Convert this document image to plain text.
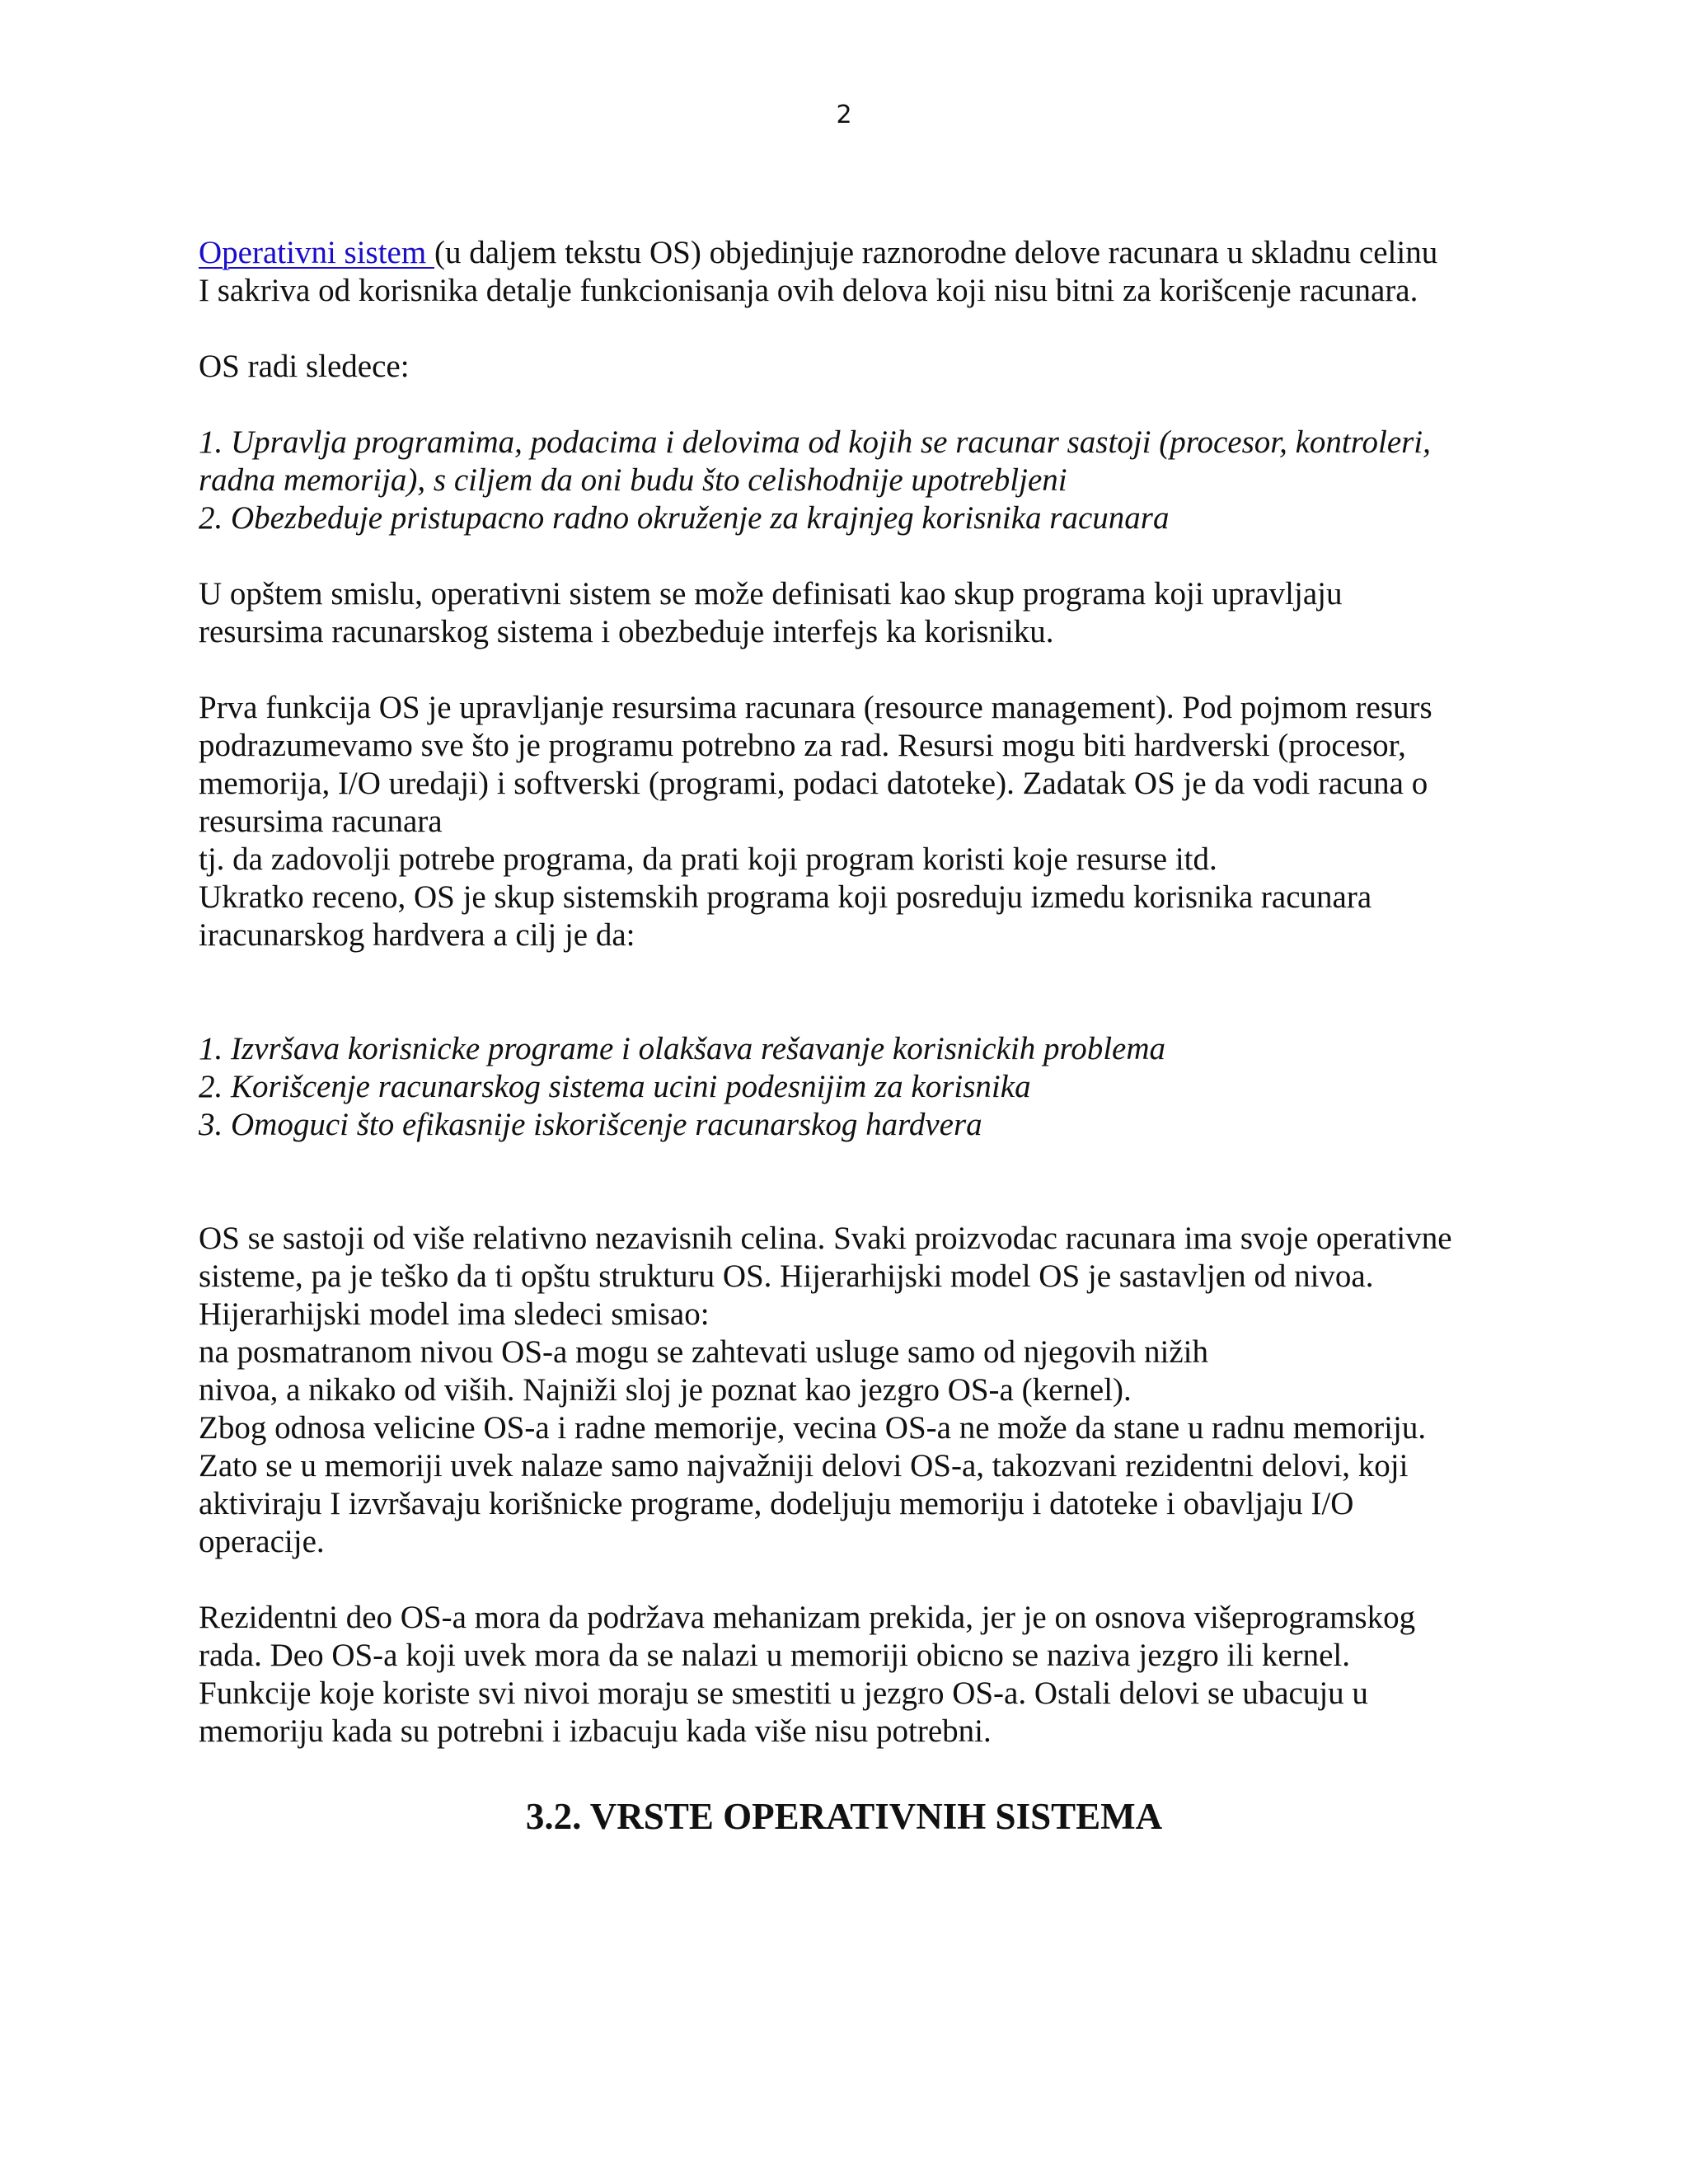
2
Operativni sistem (u daljem tekstu OS) objedinjuje raznorodne delove racunara u skladnu celinu
I sakriva od korisnika detalje funkcionisanja ovih delova koji nisu bitni za korišcenje racunara.
OS radi sledece:
1. Upravlja programima, podacima i delovima od kojih se racunar sastoji (procesor, kontroleri,
radna memorija), s ciljem da oni budu što celishodnije upotrebljeni
2. Obezbeduje pristupacno radno okruženje za krajnjeg korisnika racunara
U opštem smislu, operativni sistem se može definisati kao skup programa koji upravljaju
resursima racunarskog sistema i obezbeduje interfejs ka korisniku.
Prva funkcija OS je upravljanje resursima racunara (resource management). Pod pojmom resurs
podrazumevamo sve što je programu potrebno za rad. Resursi mogu biti hardverski (procesor,
memorija, I/O uredaji) i softverski (programi, podaci datoteke). Zadatak OS je da vodi racuna o
resursima racunara
tj. da zadovolji potrebe programa, da prati koji program koristi koje resurse itd.
Ukratko receno, OS je skup sistemskih programa koji posreduju izmedu korisnika racunara
iracunarskog hardvera a cilj je da:
1. Izvršava korisnicke programe i olakšava rešavanje korisnickih problema
2. Korišcenje racunarskog sistema ucini podesnijim za korisnika
3. Omoguci što efikasnije iskorišcenje racunarskog hardvera
OS se sastoji od više relativno nezavisnih celina. Svaki proizvodac racunara ima svoje operativne
sisteme, pa je teško da ti opštu strukturu OS. Hijerarhijski model OS je sastavljen od nivoa.
Hijerarhijski model ima sledeci smisao:
na posmatranom nivou OS-a mogu se zahtevati usluge samo od njegovih nižih
nivoa, a nikako od viših. Najniži sloj je poznat kao jezgro OS-a (kernel).
Zbog odnosa velicine OS-a i radne memorije, vecina OS-a ne može da stane u radnu memoriju.
Zato se u memoriji uvek nalaze samo najvažniji delovi OS-a, takozvani rezidentni delovi, koji
aktiviraju I izvršavaju korišnicke programe, dodeljuju memoriju i datoteke i obavljaju I/O
operacije.
Rezidentni deo OS-a mora da podržava mehanizam prekida, jer je on osnova višeprogramskog
rada. Deo OS-a koji uvek mora da se nalazi u memoriji obicno se naziva jezgro ili kernel.
Funkcije koje koriste svi nivoi moraju se smestiti u jezgro OS-a. Ostali delovi se ubacuju u
memoriju kada su potrebni i izbacuju kada više nisu potrebni.
3.2. VRSTE OPERATIVNIH SISTEMA
